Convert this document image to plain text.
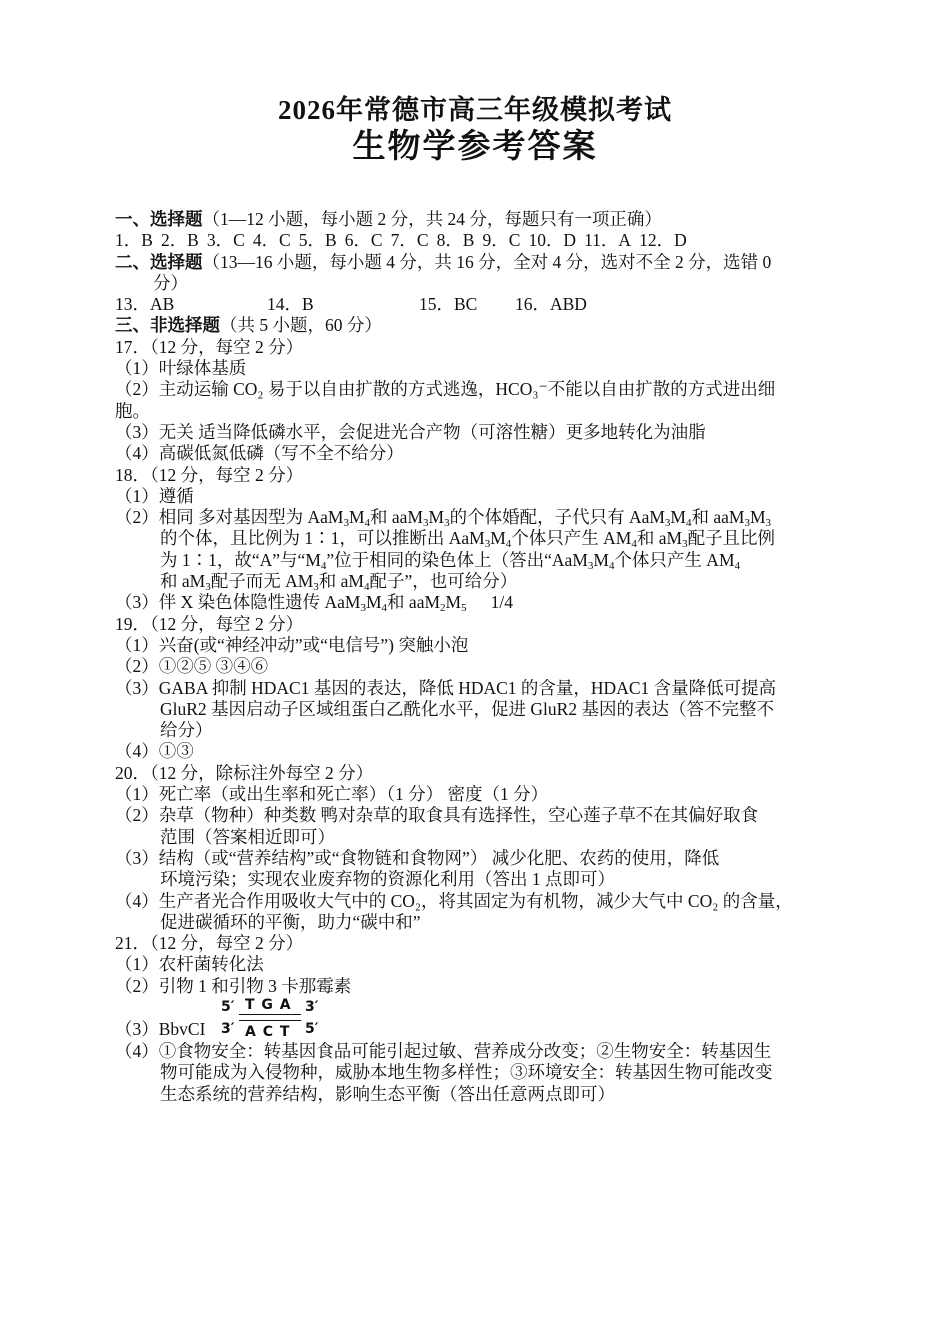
2026年常德市高三年级模拟考试
生物学参考答案
一、选择题（1—12 小题，每小题 2 分，共 24 分，每题只有一项正确）
1．B 2．B 3．C 4．C 5．B 6．C 7．C 8．B 9．C 10．D 11．A 12．D
二、选择题（13—16 小题，每小题 4 分，共 16 分，全对 4 分，选对不全 2 分，选错 0
分）
13．AB	14．B	15．BC 16．ABD
三、非选择题（共 5 小题，60 分）
17．（12 分，每空 2 分）
（1）叶绿体基质
（2）主动运输 CO₂ 易于以自由扩散的方式逃逸，HCO₃⁻不能以自由扩散的方式进出细
胞。
（3）无关 适当降低磷水平，会促进光合产物（可溶性糖）更多地转化为油脂
（4）高碳低氮低磷（写不全不给分）
18．（12 分，每空 2 分）
（1）遵循
（2）相同 多对基因型为 $AaM_3M_4$和 $aaM_3M_3$的个体婚配，子代只有 $AaM_3M_4$和 $aaM_3M_3$
的个体，且比例为 1∶1，可以推断出 $AaM_3M_4$个体只产生 $AM_4$和 $aM_3$配子且比例
为 1∶1，故“A”与“$M_4$”位于相同的染色体上（答出“$AaM_3M_4$个体只产生 $AM_4$
和 $aM_3$配子而无 $AM_3$和 $aM_4$配子”，也可给分）
（3）伴 X 染色体隐性遗传 $AaM_3M_4$和 $aaM_2M_5$ 1/4
19．（12 分，每空 2 分）
（1）兴奋(或“神经冲动”或“电信号”) 突触小泡
（2）①②⑤ ③④⑥
（3）GABA 抑制 HDAC1 基因的表达，降低 HDAC1 的含量，HDAC1 含量降低可提高
GluR2 基因启动子区域组蛋白乙酰化水平，促进 GluR2 基因的表达（答不完整不
给分）
（4）①③
20．（12 分，除标注外每空 2 分）
（1）死亡率（或出生率和死亡率）（1 分） 密度（1 分）
（2）杂草（物种）种类数 鸭对杂草的取食具有选择性，空心莲子草不在其偏好取食
范围（答案相近即可）
（3）结构（或“营养结构”或“食物链和食物网”） 减少化肥、农药的使用，降低
环境污染；实现农业废弃物的资源化利用（答出 1 点即可）
（4）生产者光合作用吸收大气中的 CO₂，将其固定为有机物，减少大气中 CO₂ 的含量，
促进碳循环的平衡，助力“碳中和”
21．（12 分，每空 2 分）
（1）农杆菌转化法
（2）引物 1 和引物 3 卡那霉素
（3）BbvCI
5′ T G A 3′
3′ A C T 5′
（4）①食物安全：转基因食品可能引起过敏、营养成分改变；②生物安全：转基因生
物可能成为入侵物种，威胁本地生物多样性；③环境安全：转基因生物可能改变
生态系统的营养结构，影响生态平衡（答出任意两点即可）
